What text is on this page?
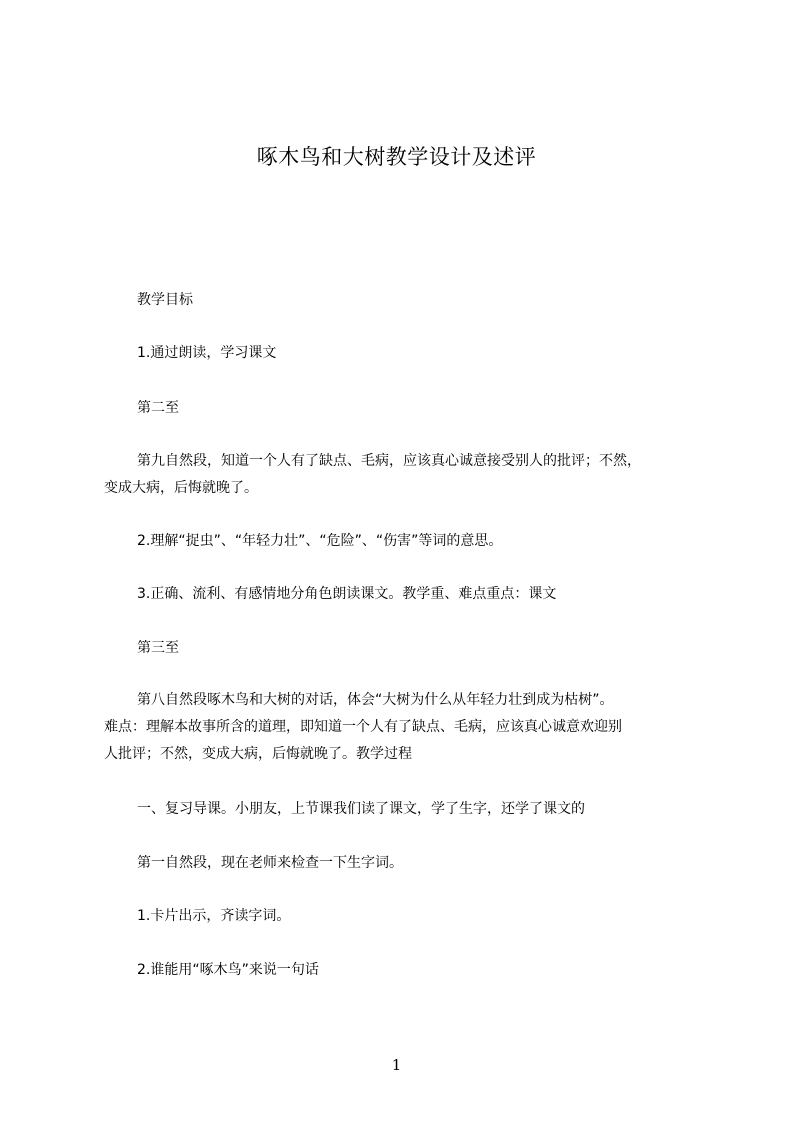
啄木鸟和大树教学设计及述评
教学目标
1.通过朗读，学习课文
第二至
第九自然段，知道一个人有了缺点、毛病，应该真心诚意接受别人的批评；不然，
变成大病，后悔就晚了。
2.理解“捉虫”、“年轻力壮”、“危险”、“伤害”等词的意思。
3.正确、流利、有感情地分角色朗读课文。教学重、难点重点：课文
第三至
第八自然段啄木鸟和大树的对话，体会“大树为什么从年轻力壮到成为枯树”。
难点：理解本故事所含的道理，即知道一个人有了缺点、毛病，应该真心诚意欢迎别
人批评；不然，变成大病，后悔就晚了。教学过程
一、复习导课。小朋友，上节课我们读了课文，学了生字，还学了课文的
第一自然段，现在老师来检查一下生字词。
1.卡片出示，齐读字词。
2.谁能用“啄木鸟”来说一句话
1
